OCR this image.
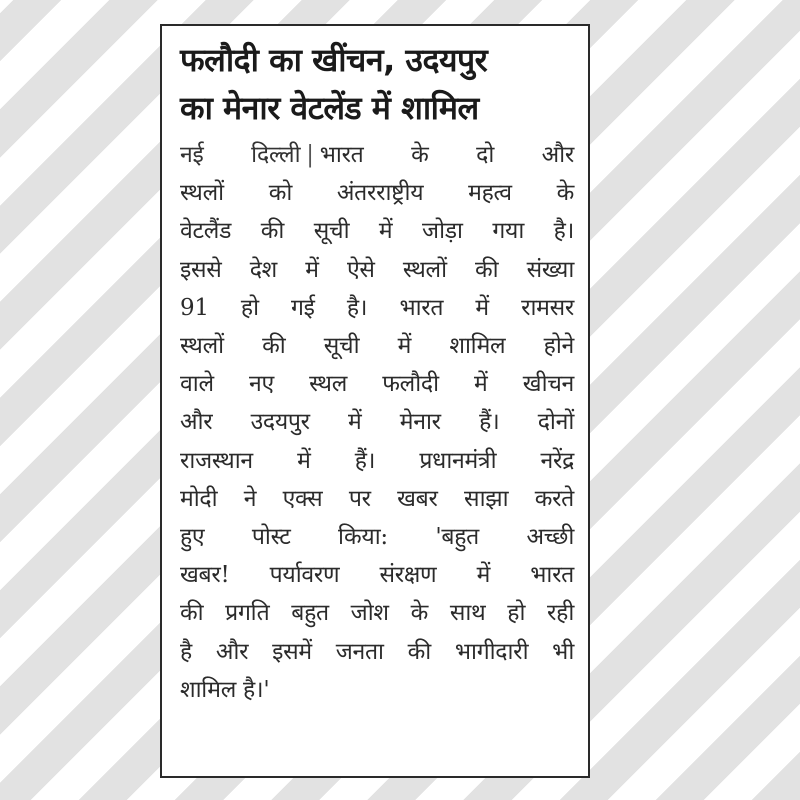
फलौदी का खींचन, उदयपुर
का मेनार वेटलेंड में शामिल
नई दिल्ली | भारत के दो और
स्थलों को अंतरराष्ट्रीय महत्व के
वेटलैंड की सूची में जोड़ा गया है।
इससे देश में ऐसे स्थलों की संख्या
91 हो गई है। भारत में रामसर
स्थलों की सूची में शामिल होने
वाले नए स्थल फलौदी में खीचन
और उदयपुर में मेनार हैं। दोनों
राजस्थान में हैं। प्रधानमंत्री नरेंद्र
मोदी ने एक्स पर खबर साझा करते
हुए पोस्ट किया: 'बहुत अच्छी
खबर! पर्यावरण संरक्षण में भारत
की प्रगति बहुत जोश के साथ हो रही
है और इसमें जनता की भागीदारी भी
शामिल है।'
